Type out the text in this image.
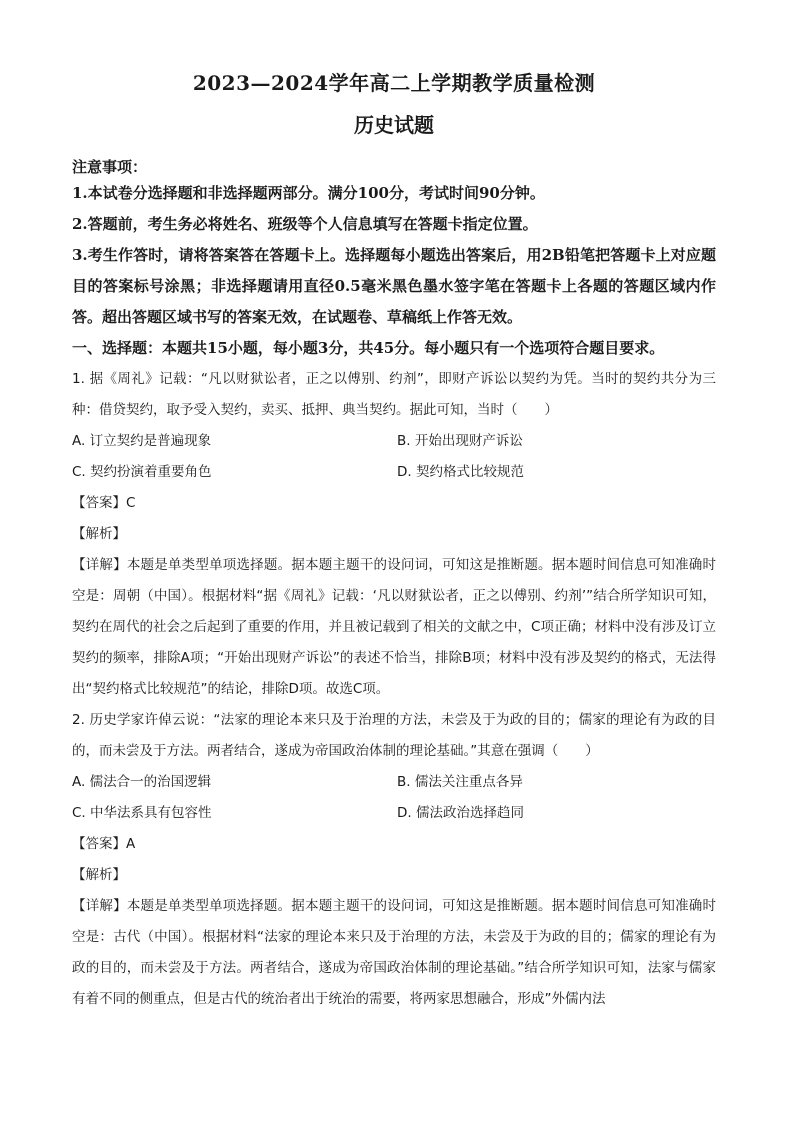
2023—2024学年高二上学期教学质量检测
历史试题
注意事项：
1.本试卷分选择题和非选择题两部分。满分100分，考试时间90分钟。
2.答题前，考生务必将姓名、班级等个人信息填写在答题卡指定位置。
3.考生作答时，请将答案答在答题卡上。选择题每小题选出答案后，用2B铅笔把答题卡上对应题目的答案标号涂黑；非选择题请用直径0.5毫米黑色墨水签字笔在答题卡上各题的答题区域内作答。超出答题区域书写的答案无效，在试题卷、草稿纸上作答无效。
一、选择题：本题共15小题，每小题3分，共45分。每小题只有一个选项符合题目要求。
1. 据《周礼》记载：“凡以财狱讼者，正之以傅别、约剂”，即财产诉讼以契约为凭。当时的契约共分为三种：借贷契约，取予受入契约，卖买、抵押、典当契约。据此可知，当时（　　）
A. 订立契约是普遍现象	B. 开始出现财产诉讼
C. 契约扮演着重要角色	D. 契约格式比较规范
【答案】C
【解析】
【详解】本题是单类型单项选择题。据本题主题干的设问词，可知这是推断题。据本题时间信息可知准确时空是：周朝（中国）。根据材料“据《周礼》记载：‘凡以财狱讼者，正之以傅别、约剂’”结合所学知识可知，契约在周代的社会之后起到了重要的作用，并且被记载到了相关的文献之中，C项正确；材料中没有涉及订立契约的频率，排除A项；“开始出现财产诉讼”的表述不恰当，排除B项；材料中没有涉及契约的格式，无法得出“契约格式比较规范”的结论，排除D项。故选C项。
2. 历史学家许倬云说：“法家的理论本来只及于治理的方法，未尝及于为政的目的；儒家的理论有为政的目的，而未尝及于方法。两者结合，遂成为帝国政治体制的理论基础。”其意在强调（　　）
A. 儒法合一的治国逻辑	B. 儒法关注重点各异
C. 中华法系具有包容性	D. 儒法政治选择趋同
【答案】A
【解析】
【详解】本题是单类型单项选择题。据本题主题干的设问词，可知这是推断题。据本题时间信息可知准确时空是：古代（中国）。根据材料“法家的理论本来只及于治理的方法，未尝及于为政的目的；儒家的理论有为政的目的，而未尝及于方法。两者结合，遂成为帝国政治体制的理论基础。”结合所学知识可知，法家与儒家有着不同的侧重点，但是古代的统治者出于统治的需要，将两家思想融合，形成”外儒内法
